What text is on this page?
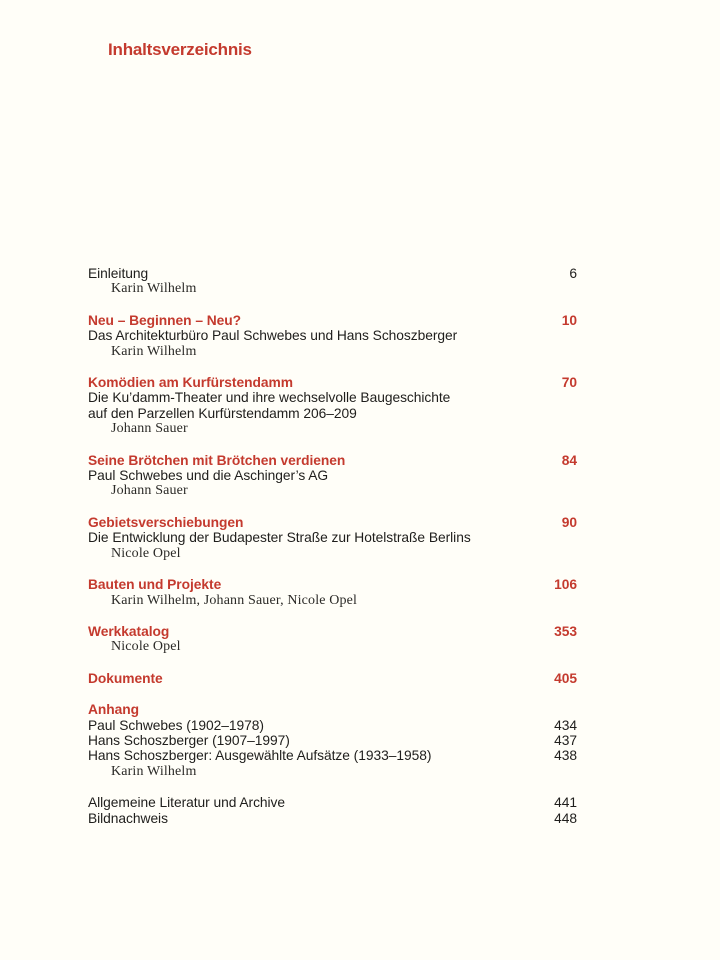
Inhaltsverzeichnis
Einleitung	6
Karin Wilhelm
Neu – Beginnen – Neu?	10
Das Architekturbüro Paul Schwebes und Hans Schoszberger
Karin Wilhelm
Komödien am Kurfürstendamm	70
Die Ku’damm-Theater und ihre wechselvolle Baugeschichte
auf den Parzellen Kurfürstendamm 206–209
Johann Sauer
Seine Brötchen mit Brötchen verdienen	84
Paul Schwebes und die Aschinger’s AG
Johann Sauer
Gebietsverschiebungen	90
Die Entwicklung der Budapester Straße zur Hotelstraße Berlins
Nicole Opel
Bauten und Projekte	106
Karin Wilhelm, Johann Sauer, Nicole Opel
Werkkatalog	353
Nicole Opel
Dokumente	405
Anhang
Paul Schwebes (1902–1978)	434
Hans Schoszberger (1907–1997)	437
Hans Schoszberger: Ausgewählte Aufsätze (1933–1958)	438
Karin Wilhelm
Allgemeine Literatur und Archive	441
Bildnachweis	448
